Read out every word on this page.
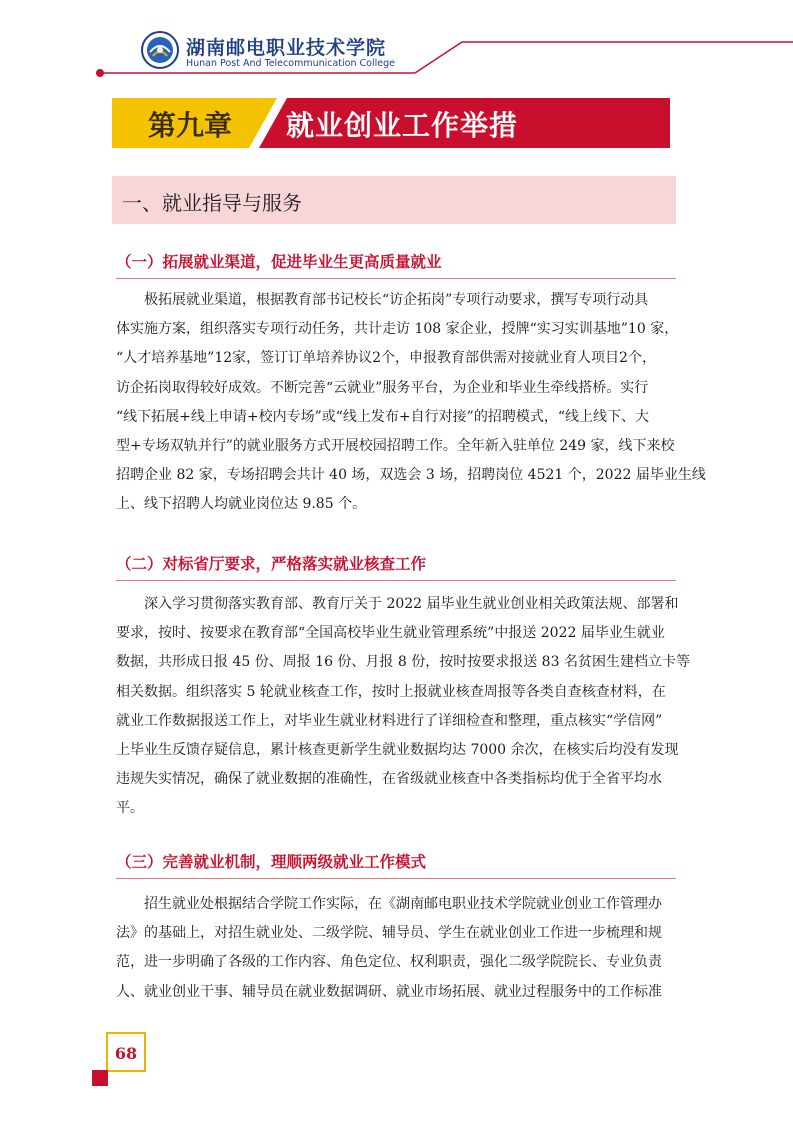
湖南邮电职业技术学院
Hunan Post And Telecommunication College
第九章 就业创业工作举措
一、就业指导与服务
（一）拓展就业渠道，促进毕业生更高质量就业

极拓展就业渠道，根据教育部书记校长“访企拓岗”专项行动要求，撰写专项行动具
体实施方案，组织落实专项行动任务，共计走访 108 家企业，授牌“实习实训基地”10 家，
“人才培养基地”12家，签订订单培养协议2个，申报教育部供需对接就业育人项目2个，
访企拓岗取得较好成效。不断完善“云就业”服务平台，为企业和毕业生牵线搭桥。实行
“线下拓展+线上申请+校内专场”或“线上发布+自行对接”的招聘模式，“线上线下、大
型+专场双轨并行”的就业服务方式开展校园招聘工作。全年新入驻单位 249 家，线下来校
招聘企业 82 家，专场招聘会共计 40 场，双选会 3 场，招聘岗位 4521 个，2022 届毕业生线
上、线下招聘人均就业岗位达 9.85 个。

（二）对标省厅要求，严格落实就业核查工作

深入学习贯彻落实教育部、教育厅关于 2022 届毕业生就业创业相关政策法规、部署和
要求，按时、按要求在教育部“全国高校毕业生就业管理系统”中报送 2022 届毕业生就业
数据，共形成日报 45 份、周报 16 份、月报 8 份，按时按要求报送 83 名贫困生建档立卡等
相关数据。组织落实 5 轮就业核查工作，按时上报就业核查周报等各类自查核查材料，在
就业工作数据报送工作上，对毕业生就业材料进行了详细检查和整理，重点核实“学信网”
上毕业生反馈存疑信息，累计核查更新学生就业数据均达 7000 余次，在核实后均没有发现
违规失实情况，确保了就业数据的准确性，在省级就业核查中各类指标均优于全省平均水
平。

（三）完善就业机制，理顺两级就业工作模式

招生就业处根据结合学院工作实际，在《湖南邮电职业技术学院就业创业工作管理办
法》的基础上，对招生就业处、二级学院、辅导员、学生在就业创业工作进一步梳理和规
范，进一步明确了各级的工作内容、角色定位、权利职责，强化二级学院院长、专业负责
人、就业创业干事、辅导员在就业数据调研、就业市场拓展、就业过程服务中的工作标准

68
